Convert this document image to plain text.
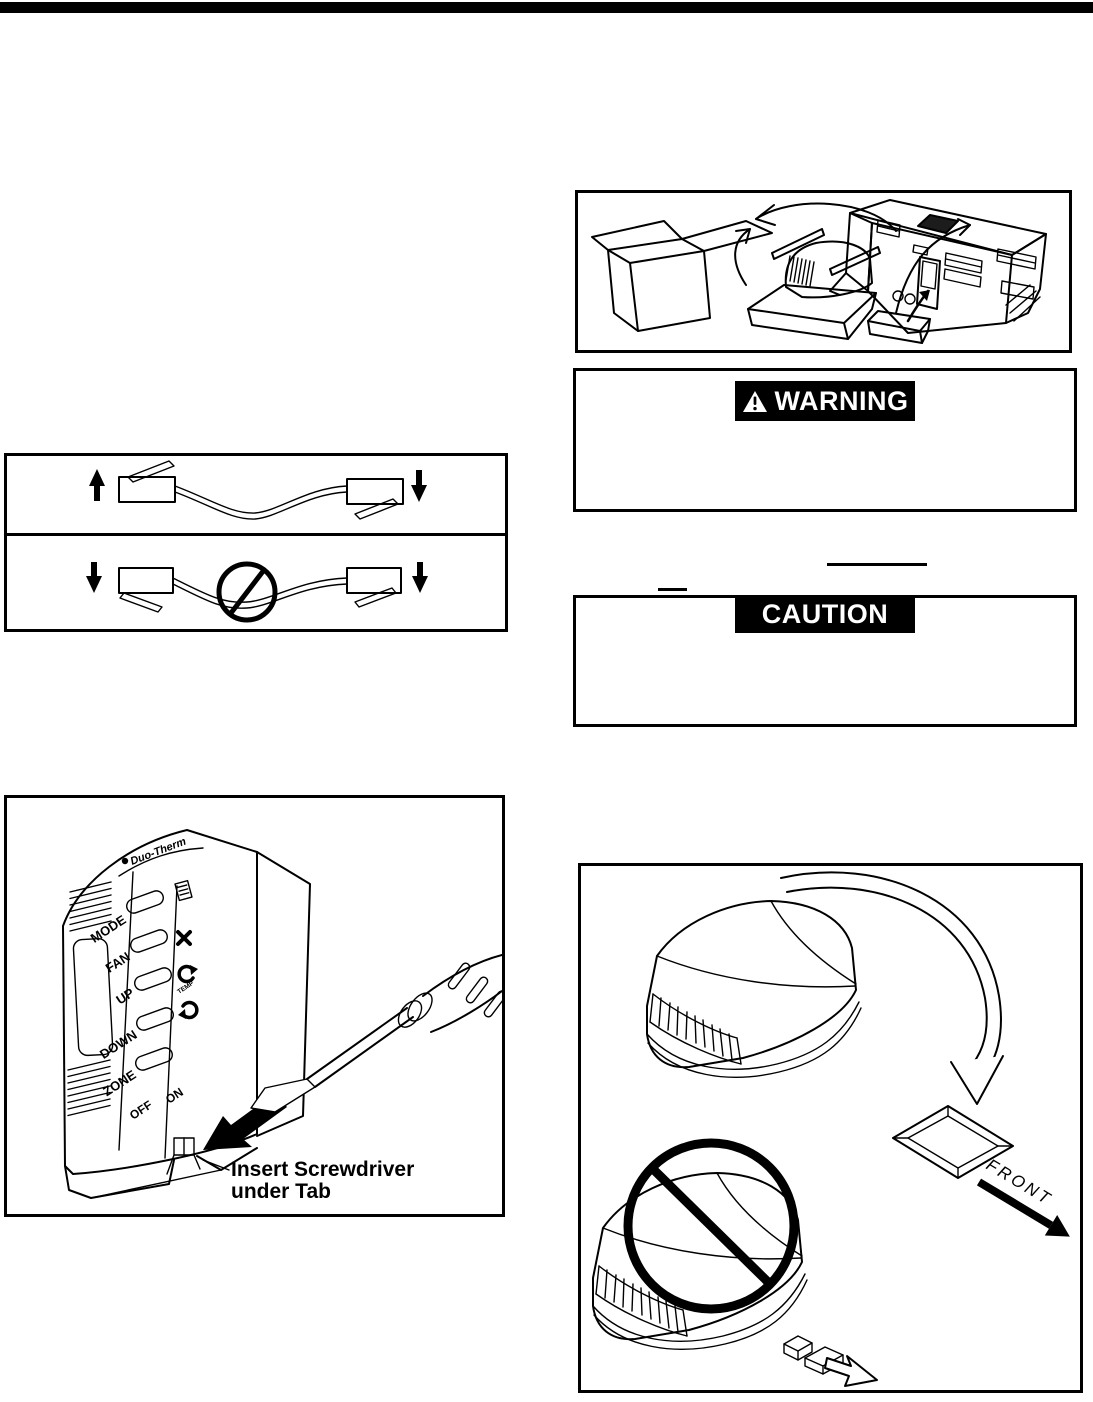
WARNING
CAUTION
Duo-Therm
MODE
FAN
UP
DOWN
ZONE
TEMP
OFF
ON
Insert Screwdriver
under Tab	FRONT
